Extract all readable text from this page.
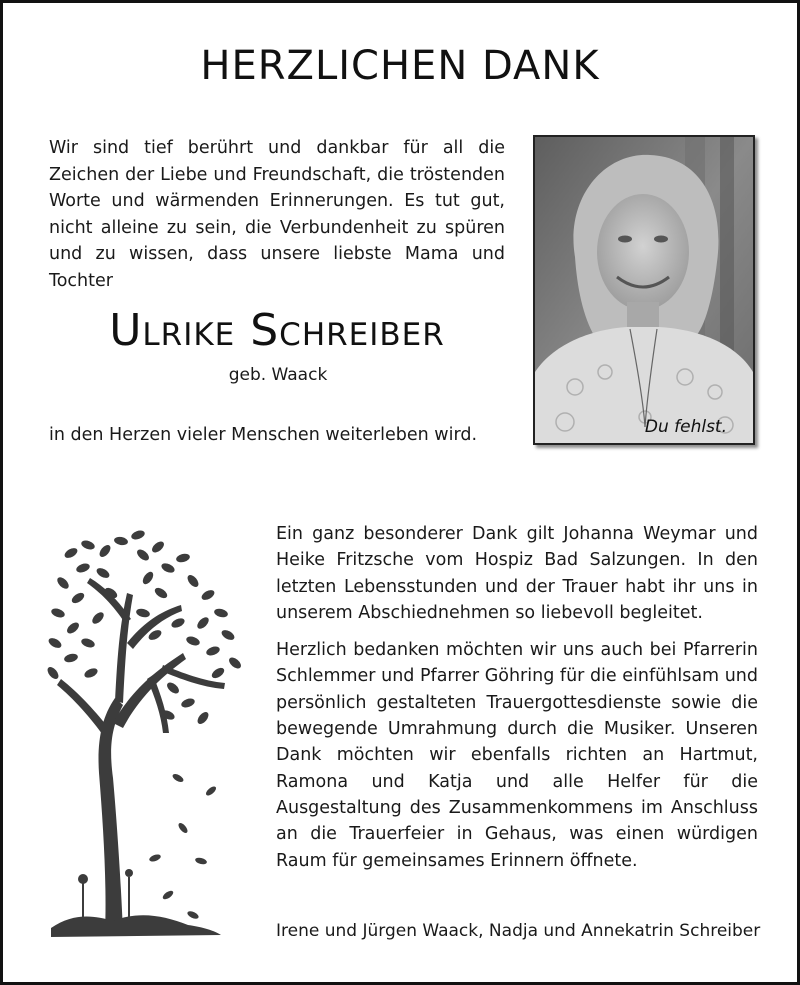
HERZLICHEN DANK

Wir sind tief berührt und dankbar für all die Zeichen der Liebe und Freundschaft, die tröstenden Worte und wärmenden Erinnerungen. Es tut gut, nicht alleine zu sein, die Verbundenheit zu spüren und zu wissen, dass unsere liebste Mama und Tochter

Ulrike Schreiber
geb. Waack
in den Herzen vieler Menschen weiterleben wird.	Du fehlst.

Ein ganz besonderer Dank gilt Johanna Weymar und Heike Fritzsche vom Hospiz Bad Salzungen. In den letzten Lebensstunden und der Trauer habt ihr uns in unserem Abschiednehmen so liebevoll begleitet.

Herzlich bedanken möchten wir uns auch bei Pfarrerin Schlemmer und Pfarrer Göhring für die einfühlsam und persönlich gestalteten Trauergottesdienste sowie die bewegende Umrahmung durch die Musiker. Unseren Dank möchten wir ebenfalls richten an Hartmut, Ramona und Katja und alle Helfer für die Ausgestaltung des Zusammenkommens im Anschluss an die Trauerfeier in Gehaus, was einen würdigen Raum für gemeinsames Erinnern öffnete.

Irene und Jürgen Waack, Nadja und Annekatrin Schreiber
